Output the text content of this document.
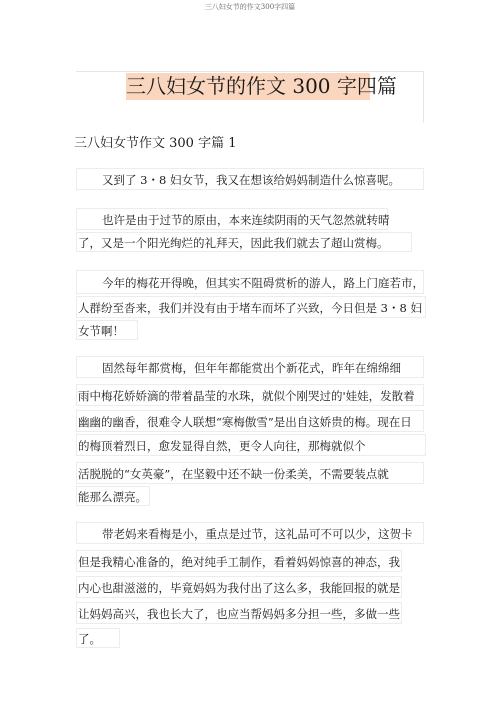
三八妇女节的作文300字四篇
三八妇女节的作文 300 字四篇
三八妇女节作文 300 字篇 1
又到了 3・8 妇女节，我又在想该给妈妈制造什么惊喜呢。
也许是由于过节的原由，本来连续阴雨的天气忽然就转晴
了，又是一个阳光绚烂的礼拜天，因此我们就去了超山赏梅。
今年的梅花开得晚，但其实不阻碍赏析的游人，路上门庭若市，
人群纷至沓来，我们并没有由于堵车而坏了兴致，今日但是 3・8 妇
女节啊！
固然每年都赏梅，但年年都能赏出个新花式，昨年在绵绵细
雨中梅花娇娇滴的带着晶莹的水珠，就似个刚哭过的'娃娃，发散着
幽幽的幽香，很难令人联想“寒梅傲雪”是出自这娇贵的梅。现在日
的梅顶着烈日，愈发显得自然，更令人向往，那梅就似个
活脱脱的“女英豪”，在坚毅中还不缺一份柔美，不需要装点就
能那么漂亮。
带老妈来看梅是小，重点是过节，这礼品可不可以少，这贺卡
但是我精心准备的，绝对纯手工制作，看着妈妈惊喜的神态，我
内心也甜滋滋的，毕竟妈妈为我付出了这么多，我能回报的就是
让妈妈高兴，我也长大了，也应当帮妈妈多分担一些，多做一些
了。
